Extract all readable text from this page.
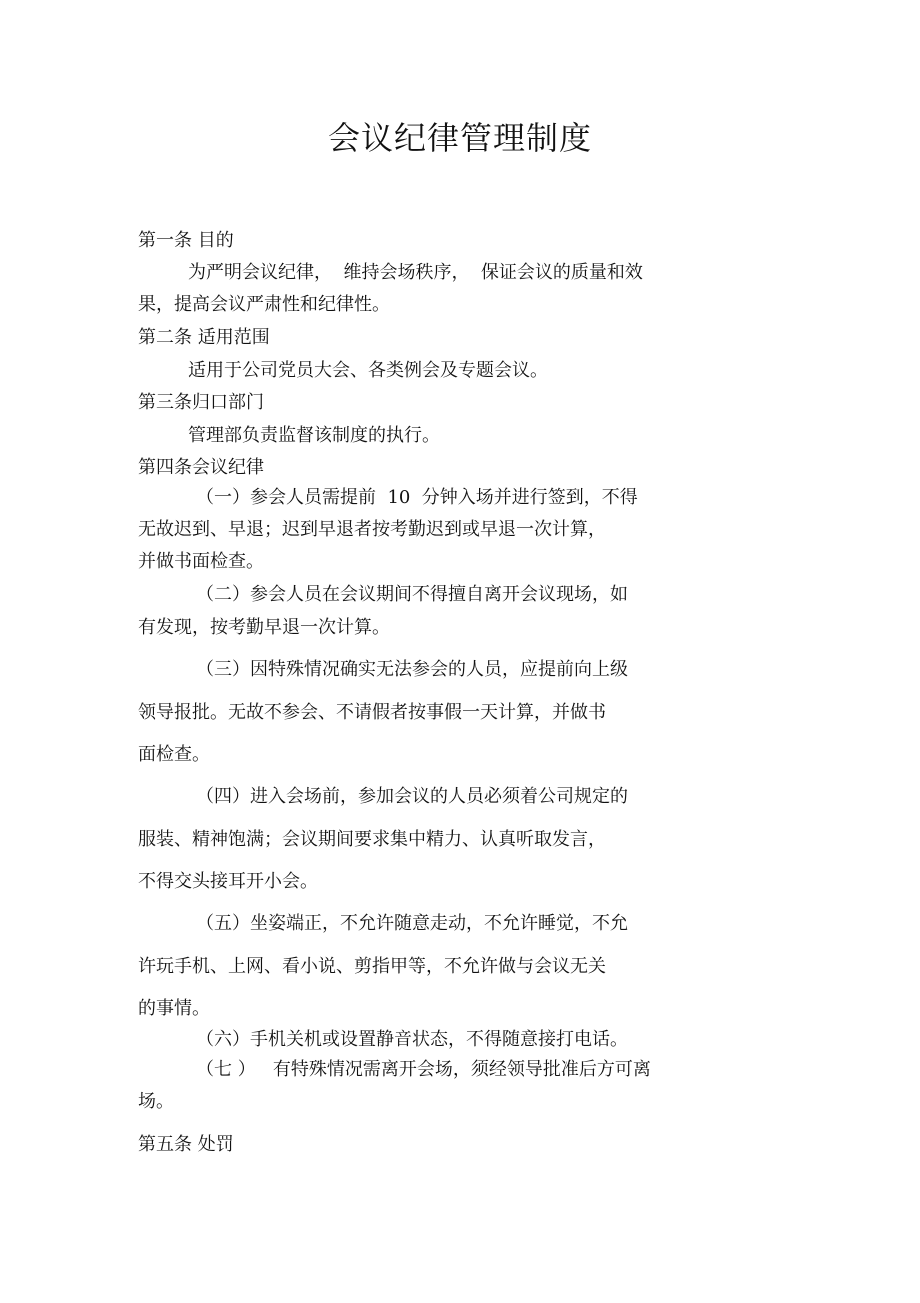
会议纪律管理制度
第一条 目的
为严明会议纪律，  维持会场秩序，  保证会议的质量和效
果，提高会议严肃性和纪律性。
第二条 适用范围
适用于公司党员大会、各类例会及专题会议。
第三条归口部门
管理部负责监督该制度的执行。
第四条会议纪律
（一）参会人员需提前  10  分钟入场并进行签到，不得
无故迟到、早退；迟到早退者按考勤迟到或早退一次计算，
并做书面检查。
（二）参会人员在会议期间不得擅自离开会议现场，如
有发现，按考勤早退一次计算。
（三）因特殊情况确实无法参会的人员，应提前向上级
领导报批。无故不参会、不请假者按事假一天计算，并做书
面检查。
（四）进入会场前，参加会议的人员必须着公司规定的
服装、精神饱满；会议期间要求集中精力、认真听取发言，
不得交头接耳开小会。
（五）坐姿端正，不允许随意走动，不允许睡觉，不允
许玩手机、上网、看小说、剪指甲等，不允许做与会议无关
的事情。
（六）手机关机或设置静音状态，不得随意接打电话。
（七 ）   有特殊情况需离开会场，须经领导批准后方可离
场。
第五条 处罚
